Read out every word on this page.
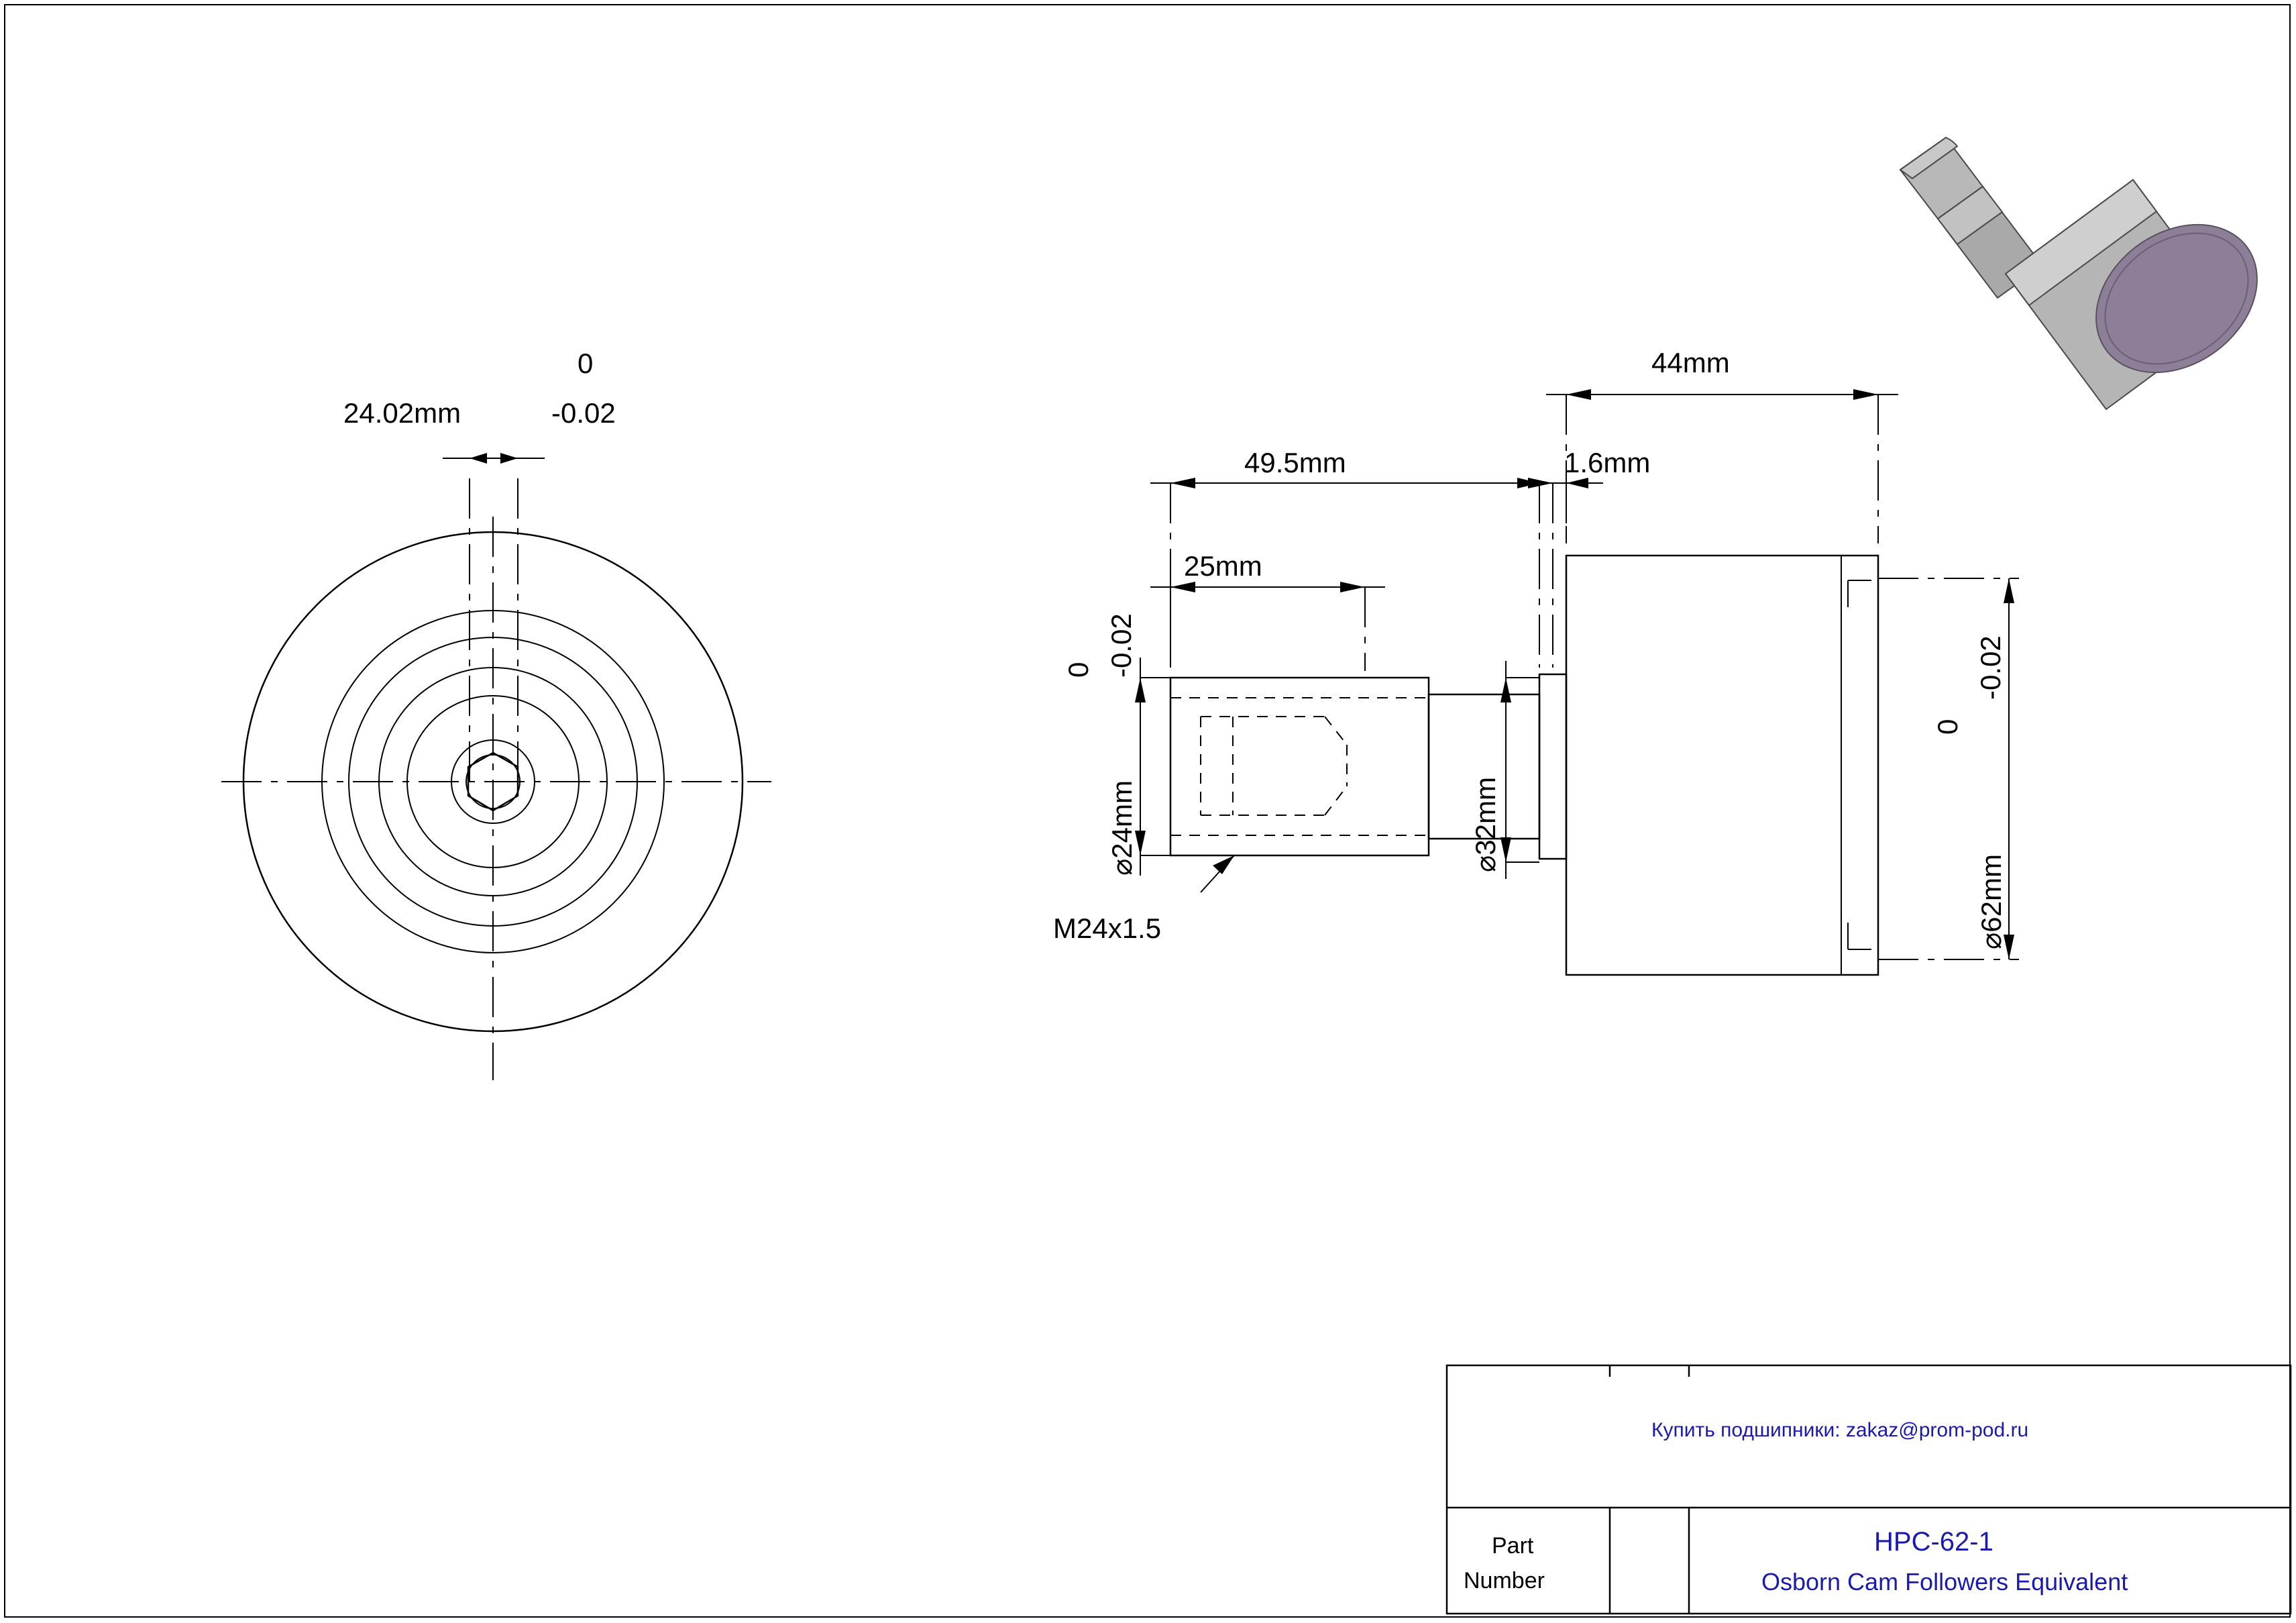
0
24.02mm	-0.02
44mm
49.5mm	1.6mm
25mm
0 -0.02
⌀24mm
M24x1.5
⌀32mm
0
-0.02
⌀62mm
Купить подшипники: zakaz@prom-pod.ru
Part
Number
HPC-62-1
Osborn Cam Followers Equivalent
